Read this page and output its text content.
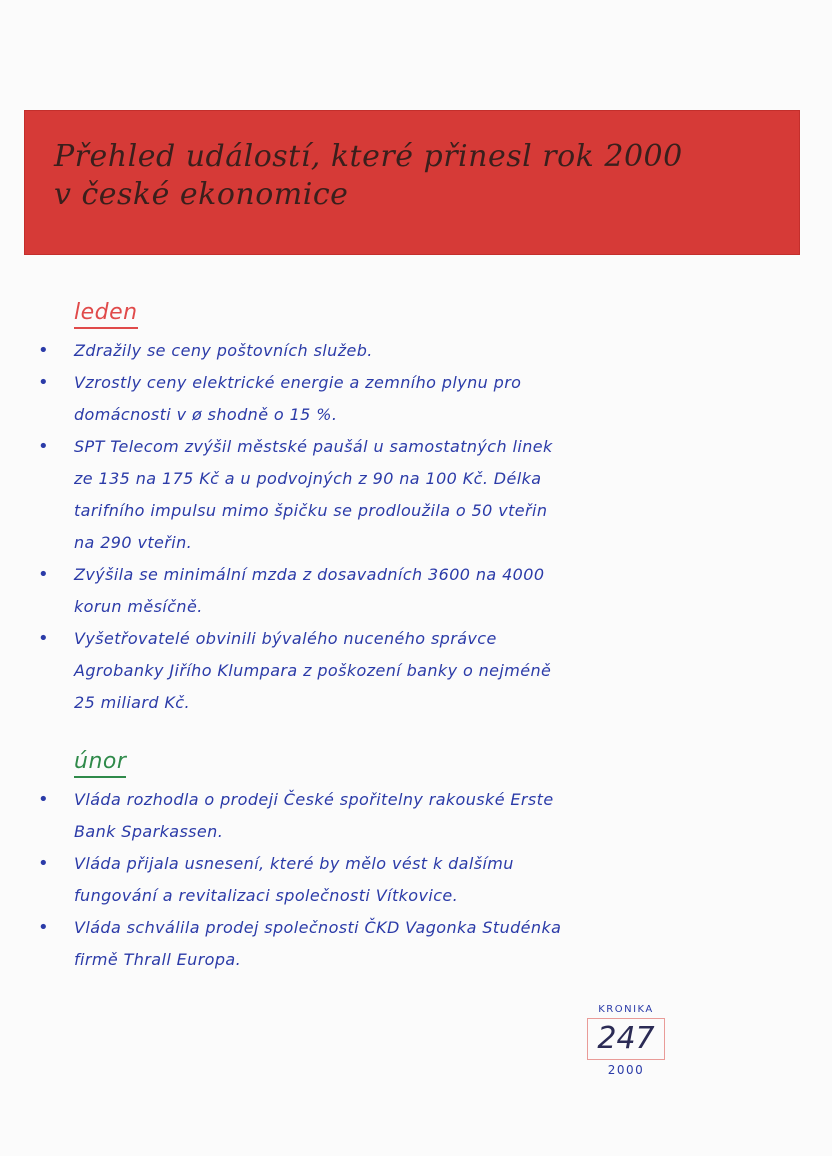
Přehled událostí, které přinesl rok 2000
v české ekonomice
leden
• Zdražily se ceny poštovních služeb.
• Vzrostly ceny elektrické energie a zemního plynu pro domácnosti v ø shodně o 15 %.
• SPT Telecom zvýšil městské paušál u samostatných linek ze 135 na 175 Kč a u podvojných z 90 na 100 Kč. Délka tarifního impulsu mimo špičku se prodloužila o 50 vteřin na 290 vteřin.
• Zvýšila se minimální mzda z dosavadních 3600 na 4000 korun měsíčně.
• Vyšetřovatelé obvinili bývalého nuceného správce Agrobanky Jiřího Klumpara z poškození banky o nejméně 25 miliard Kč.
únor
• Vláda rozhodla o prodeji České spořitelny rakouské Erste Bank Sparkassen.
• Vláda přijala usnesení, které by mělo vést k dalšímu fungování a revitalizaci společnosti Vítkovice.
• Vláda schválila prodej společnosti ČKD Vagonka Studénka firmě Thrall Europa.
KRONIKA
247
2000
